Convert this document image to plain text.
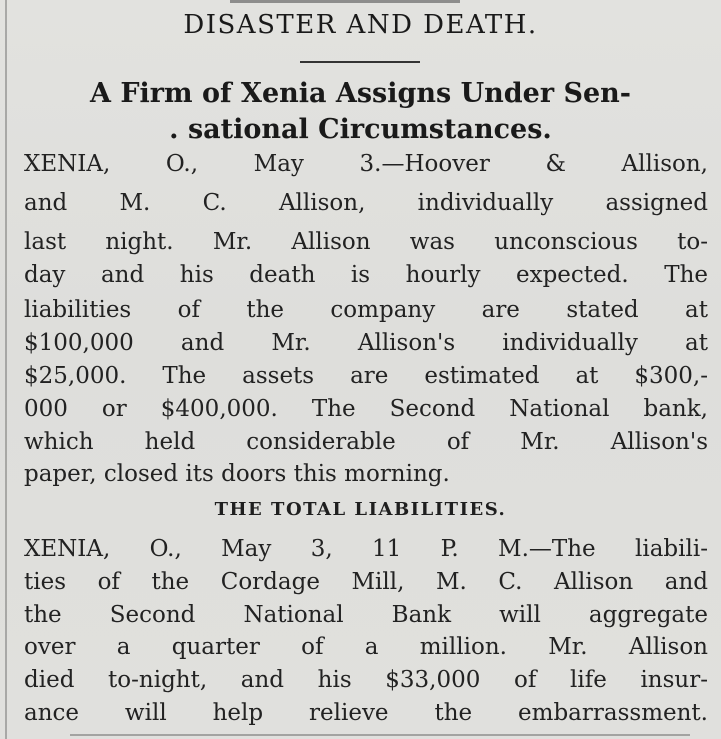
DISASTER AND DEATH.
A Firm of Xenia Assigns Under Sen-
. sational Circumstances.
XENIA, O., May 3.—Hoover & Allison,
and M. C. Allison, individually assigned
last night. Mr. Allison was unconscious to-
day and his death is hourly expected. The
liabilities of the company are stated at
$100,000 and Mr. Allison's individually at
$25,000. The assets are estimated at $300,-
000 or $400,000. The Second National bank,
which held considerable of Mr. Allison's
paper, closed its doors this morning.
THE TOTAL LIABILITIES.
XENIA, O., May 3, 11 P. M.—The liabili-
ties of the Cordage Mill, M. C. Allison and
the Second National Bank will aggregate
over a quarter of a million. Mr. Allison
died to-night, and his $33,000 of life insur-
ance will help relieve the embarrassment.
